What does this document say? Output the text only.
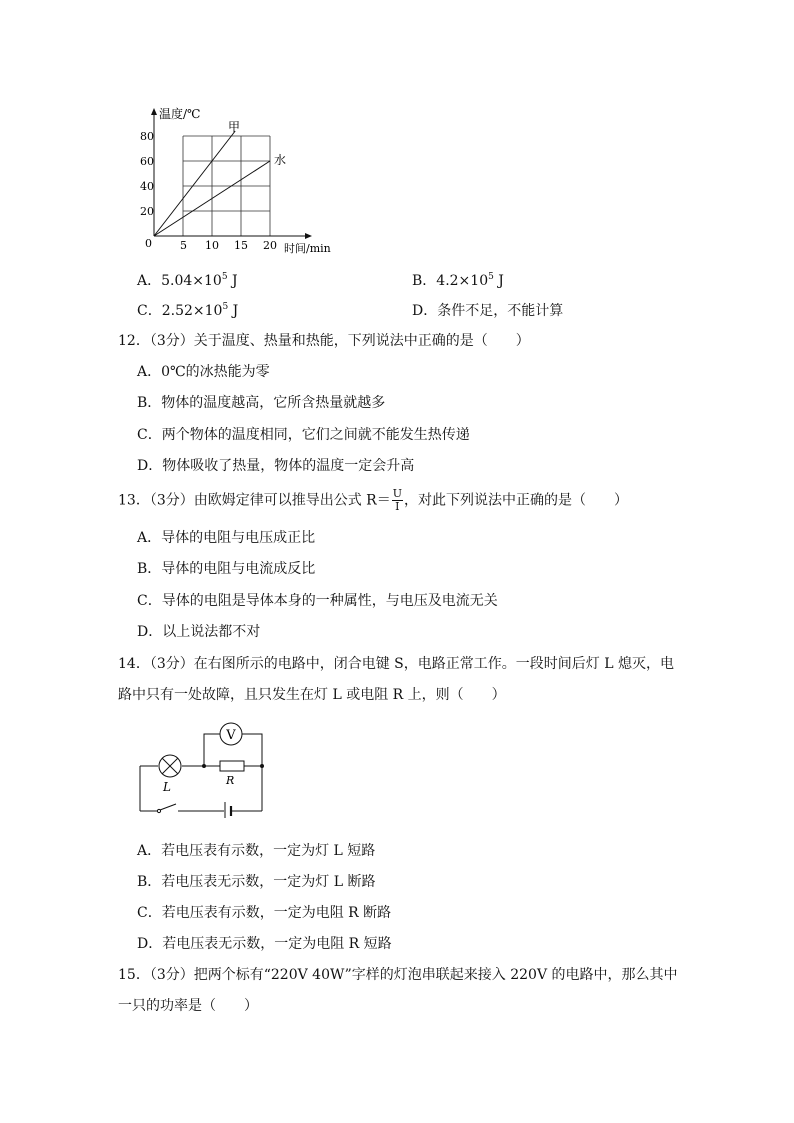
温度/℃
时间/min
0
20
40
60
80
5 10 15 20
甲
水
A．$5.04\times 10^5$ J	B．$4.2\times 10^5$ J
C．$2.52\times 10^5$ J	D．条件不足，不能计算
12．（3分）关于温度、热量和热能，下列说法中正确的是（　　）
A．0℃的冰热能为零
B．物体的温度越高，它所含热量就越多
C．两个物体的温度相同，它们之间就不能发生热传递
D．物体吸收了热量，物体的温度一定会升高
13．（3分）由欧姆定律可以推导出公式 $R= \frac{U}{I}$ ，对此下列说法中正确的是（　　）
A．导体的电阻与电压成正比
B．导体的电阻与电流成反比
C．导体的电阻是导体本身的一种属性，与电压及电流无关
D．以上说法都不对
14．（3分）在右图所示的电路中，闭合电键 S，电路正常工作。一段时间后灯 L 熄灭，电
路中只有一处故障，且只发生在灯 L 或电阻 R 上，则（　　）
V
L	R
A．若电压表有示数，一定为灯 L 短路
B．若电压表无示数，一定为灯 L 断路
C．若电压表有示数，一定为电阻 R 断路
D．若电压表无示数，一定为电阻 R 短路
15．（3分）把两个标有“220V 40W”字样的灯泡串联起来接入 220V 的电路中，那么其中
一只的功率是（　　）
